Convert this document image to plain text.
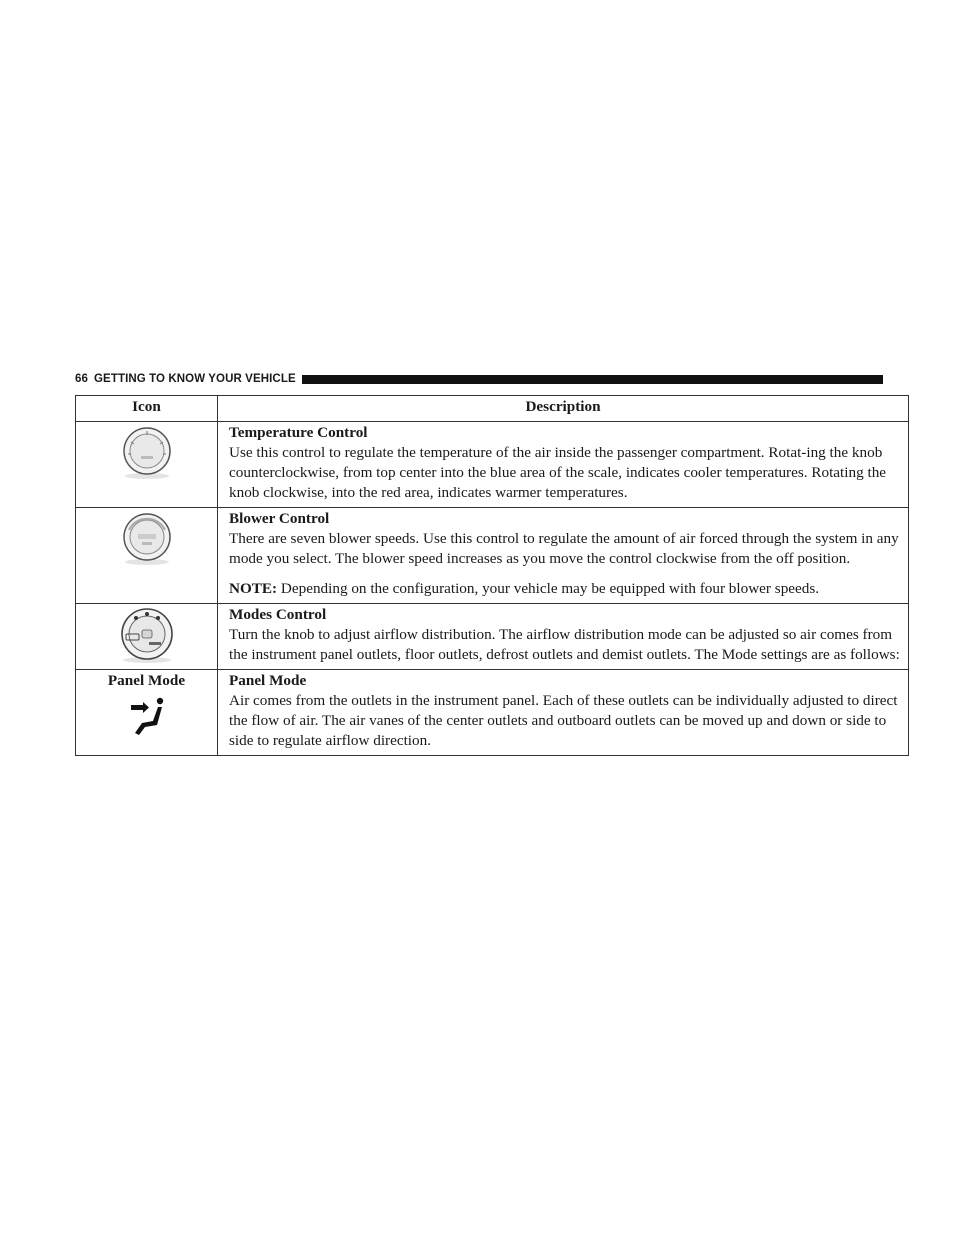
66 GETTING TO KNOW YOUR VEHICLE
Icon	Description

Temperature Control
Use this control to regulate the temperature of the air inside the passenger compartment. Rotat-ing the knob counterclockwise, from top center into the blue area of the scale, indicates cooler temperatures. Rotating the knob clockwise, into the red area, indicates warmer temperatures.

Blower Control
There are seven blower speeds. Use this control to regulate the amount of air forced through the system in any mode you select. The blower speed increases as you move the control clockwise from the off position.
NOTE: Depending on the configuration, your vehicle may be equipped with four blower speeds.

Modes Control
Turn the knob to adjust airflow distribution. The airflow distribution mode can be adjusted so air comes from the instrument panel outlets, floor outlets, defrost outlets and demist outlets. The Mode settings are as follows:

Panel Mode	Panel Mode
Air comes from the outlets in the instrument panel. Each of these outlets can be individually adjusted to direct the flow of air. The air vanes of the center outlets and outboard outlets can be moved up and down or side to side to regulate airflow direction.
